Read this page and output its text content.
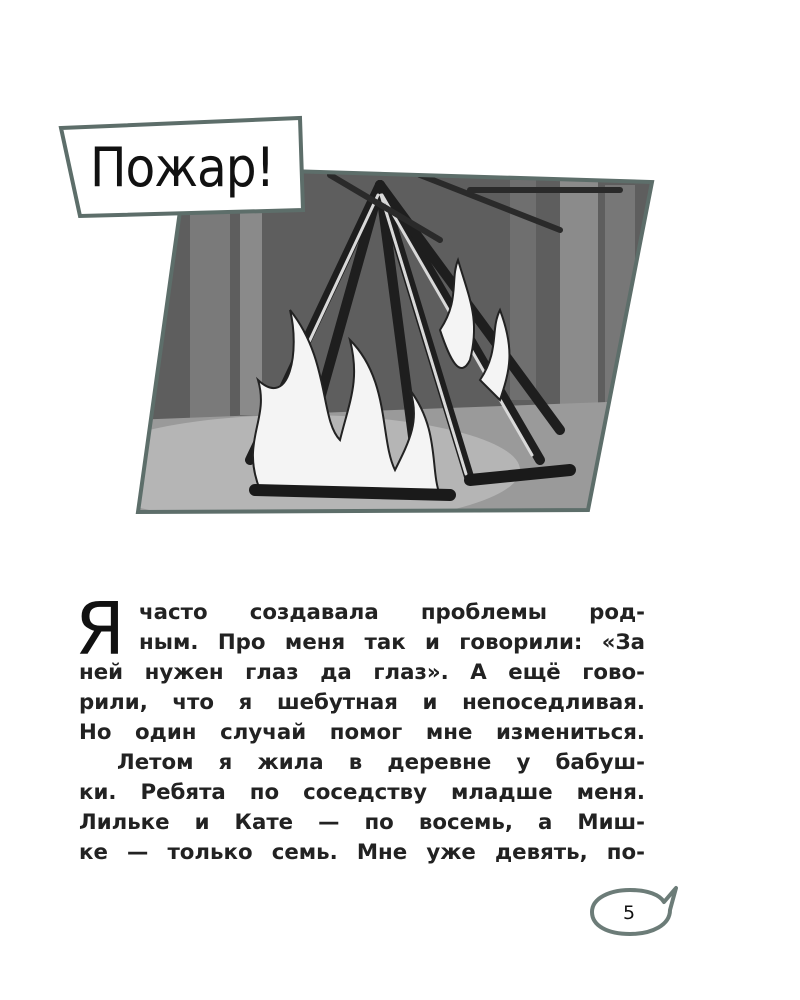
Пожар!
Я часто создавала проблемы род-
ным. Про меня так и говорили: «За
ней нужен глаз да глаз». А ещё гово-
рили, что я шебутная и непоседливая.
Но один случай помог мне измениться.
Летом я жила в деревне у бабуш-
ки. Ребята по соседству младше меня.
Лильке и Кате — по восемь, а Миш-
ке — только семь. Мне уже девять, по-
5
